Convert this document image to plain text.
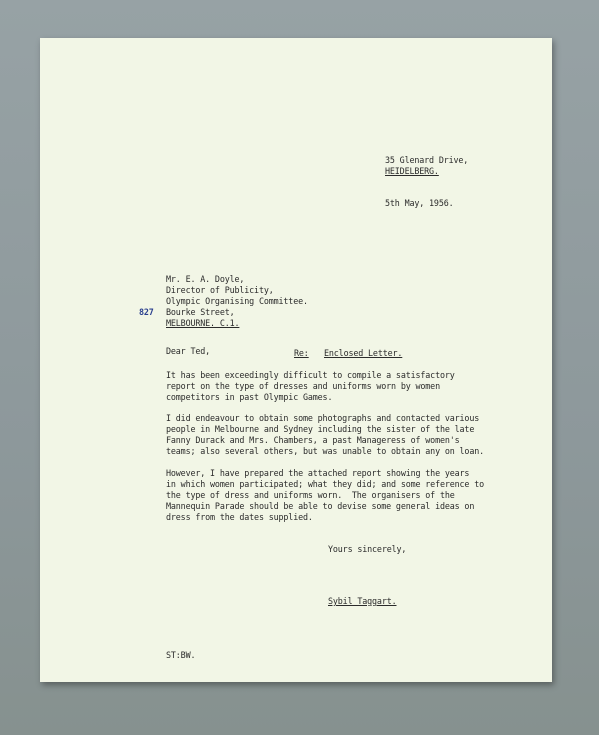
35 Glenard Drive,
HEIDELBERG.
5th May, 1956.
Mr. E. A. Doyle,
Director of Publicity,
Olympic Organising Committee.
827 Bourke Street,
MELBOURNE. C.1.
Dear Ted,	Re: Enclosed Letter.
It has been exceedingly difficult to compile a satisfactory
report on the type of dresses and uniforms worn by women
competitors in past Olympic Games.
I did endeavour to obtain some photographs and contacted various
people in Melbourne and Sydney including the sister of the late
Fanny Durack and Mrs. Chambers, a past Manageress of women's
teams; also several others, but was unable to obtain any on loan.
However, I have prepared the attached report showing the years
in which women participated; what they did; and some reference to
the type of dress and uniforms worn.  The organisers of the
Mannequin Parade should be able to devise some general ideas on
dress from the dates supplied.
Yours sincerely,
Sybil Taggart.
ST:BW.
